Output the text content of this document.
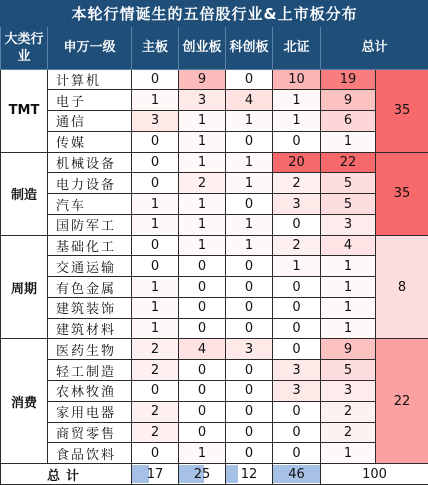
本轮行情诞生的五倍股行业&上市板分布							
大类行业	申万一级	主板	创业板	科创板	北证	总计	
TMT	计算机	0	9	0	10	19	35
	电子	1	3	4	1	9	
	通信	3	1	1	1	6	
	传媒	0	1	0	0	1	
制造	机械设备	0	1	1	20	22	35
	电力设备	0	2	1	2	5	
	汽车	1	1	0	3	5	
	国防军工	1	1	1	0	3	
周期	基础化工	0	1	1	2	4	8
	交通运输	0	0	0	1	1	
	有色金属	1	0	0	0	1	
	建筑装饰	1	0	0	0	1	
	建筑材料	1	0	0	0	1	
消费	医药生物	2	4	3	0	9	22
	轻工制造	2	0	0	3	5	
	农林牧渔	0	0	0	3	3	
	家用电器	2	0	0	0	2	
	商贸零售	2	0	0	0	2	
	食品饮料	0	1	0	0	1	
总计		17	25	12	46	100	
